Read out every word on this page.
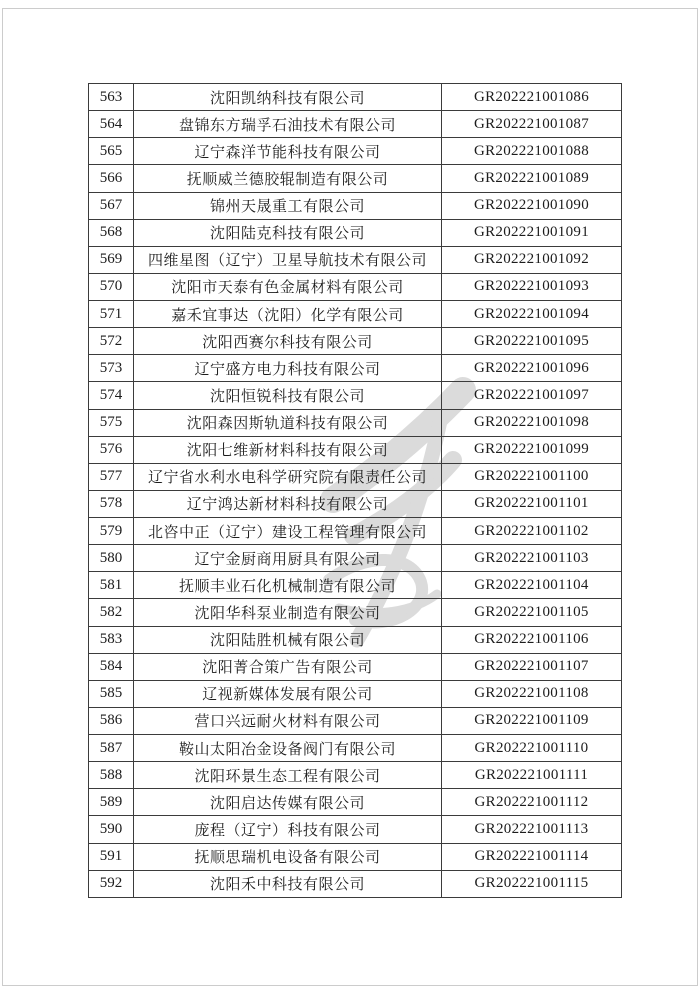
563	沈阳凯纳科技有限公司	GR202221001086
564	盘锦东方瑞孚石油技术有限公司	GR202221001087
565	辽宁森洋节能科技有限公司	GR202221001088
566	抚顺威兰德胶辊制造有限公司	GR202221001089
567	锦州天晟重工有限公司	GR202221001090
568	沈阳陆克科技有限公司	GR202221001091
569	四维星图（辽宁）卫星导航技术有限公司	GR202221001092
570	沈阳市天泰有色金属材料有限公司	GR202221001093
571	嘉禾宜事达（沈阳）化学有限公司	GR202221001094
572	沈阳西赛尔科技有限公司	GR202221001095
573	辽宁盛方电力科技有限公司	GR202221001096
574	沈阳恒锐科技有限公司	GR202221001097
575	沈阳森因斯轨道科技有限公司	GR202221001098
576	沈阳七维新材料科技有限公司	GR202221001099
577	辽宁省水利水电科学研究院有限责任公司	GR202221001100
578	辽宁鸿达新材料科技有限公司	GR202221001101
579	北咨中正（辽宁）建设工程管理有限公司	GR202221001102
580	辽宁金厨商用厨具有限公司	GR202221001103
581	抚顺丰业石化机械制造有限公司	GR202221001104
582	沈阳华科泵业制造有限公司	GR202221001105
583	沈阳陆胜机械有限公司	GR202221001106
584	沈阳菁合策广告有限公司	GR202221001107
585	辽视新媒体发展有限公司	GR202221001108
586	营口兴远耐火材料有限公司	GR202221001109
587	鞍山太阳冶金设备阀门有限公司	GR202221001110
588	沈阳环景生态工程有限公司	GR202221001111
589	沈阳启达传媒有限公司	GR202221001112
590	庞程（辽宁）科技有限公司	GR202221001113
591	抚顺思瑞机电设备有限公司	GR202221001114
592	沈阳禾中科技有限公司	GR202221001115
